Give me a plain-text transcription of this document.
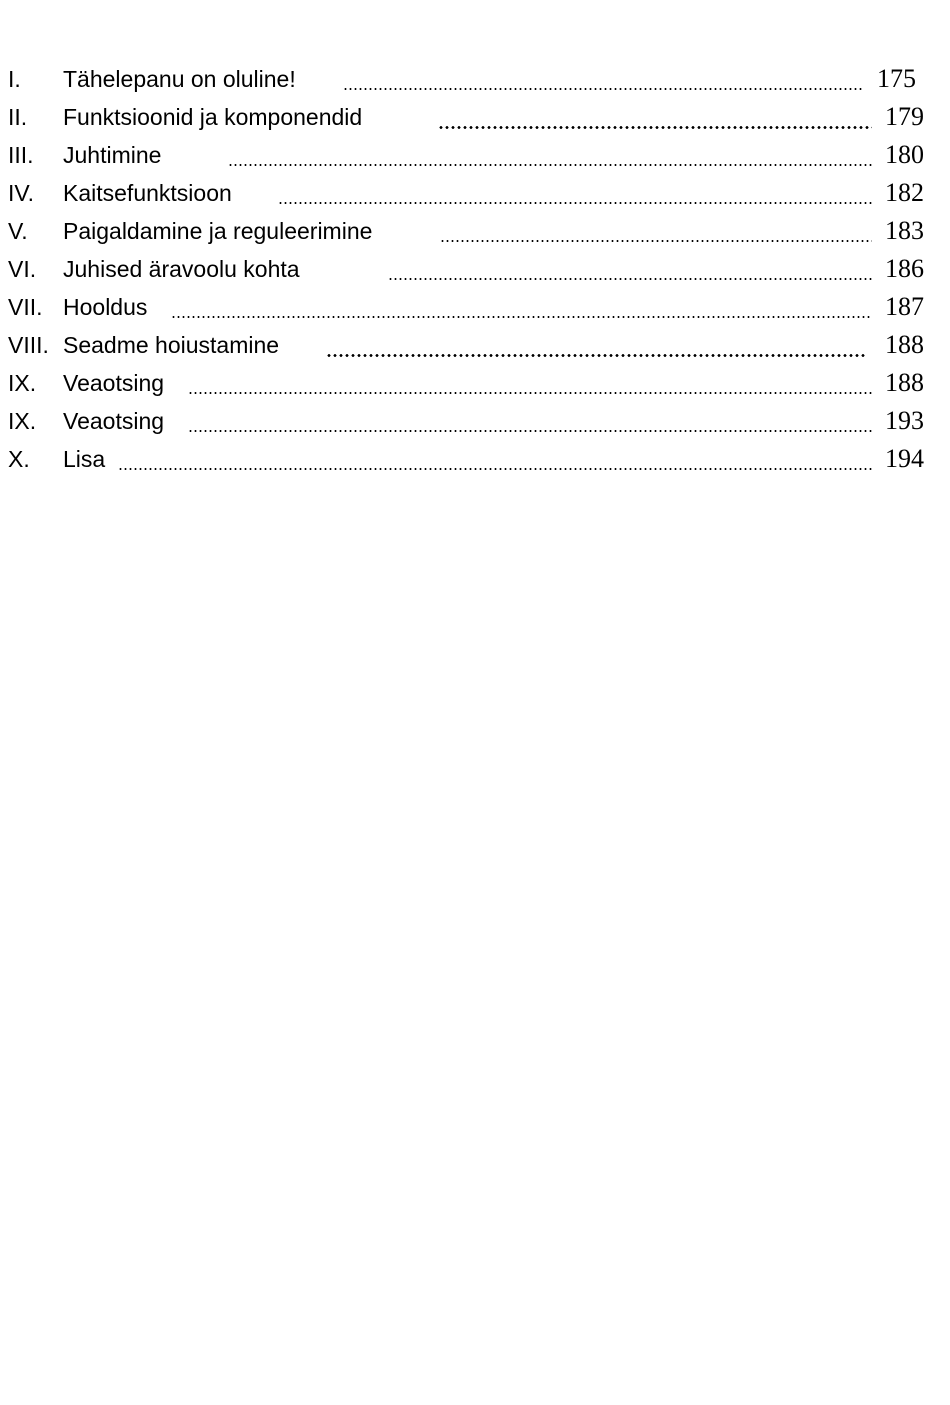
I. Tähelepanu on oluline!	175
II. Funktsioonid ja komponendid	179
III. Juhtimine	180
IV. Kaitsefunktsioon	182
V. Paigaldamine ja reguleerimine	183
VI. Juhised äravoolu kohta	186
VII. Hooldus	187
VIII. Seadme hoiustamine	188
IX. Veaotsing	188
IX. Veaotsing	193
X. Lisa	194
